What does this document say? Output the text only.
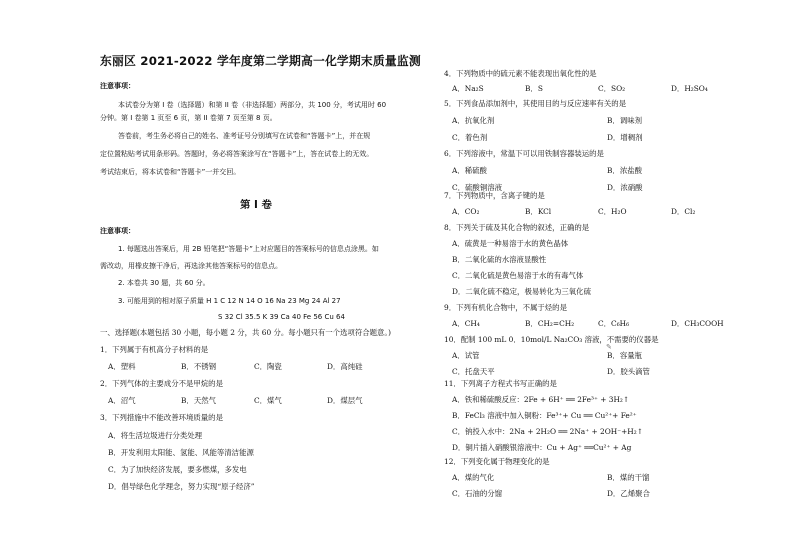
东丽区 2021-2022 学年度第二学期高一化学期末质量监测
注意事项：
本试卷分为第 I 卷（选择题）和第 II 卷（非选择题）两部分，共 100 分，考试用时 60
分钟。第 I 卷第 1 页至 6 页，第 II 卷第 7 页至第 8 页。
答卷前，考生务必将自己的姓名、准考证号分别填写在试卷和“答题卡”上，并在规
定位置粘贴考试用条形码。答题时，务必将答案涂写在“答题卡”上，答在试卷上的无效。
考试结束后，将本试卷和“答题卡”一并交回。
第 I 卷
注意事项：
1. 每题选出答案后，用 2B 铅笔把“答题卡”上对应题目的答案标号的信息点涂黑。如
需改动，用橡皮擦干净后，再选涂其他答案标号的信息点。
2. 本卷共 30 题，共 60 分。
3. 可能用到的相对原子质量 H 1 C 12 N 14 O 16 Na 23 Mg 24 Al 27
S 32 Cl 35.5 K 39 Ca 40 Fe 56 Cu 64
一、选择题(本题包括 30 小题，每小题 2 分，共 60 分。每小题只有一个选项符合题意。)
1．下列属于有机高分子材料的是
A．塑料	B．不锈钢	C．陶瓷	D．高纯硅
2．下列气体的主要成分不是甲烷的是
A．沼气	B．天然气	C．煤气	D．煤层气
3．下列措施中不能改善环境质量的是
A．将生活垃圾进行分类处理
B．开发利用太阳能、氢能、风能等清洁能源
C．为了加快经济发展，要多燃煤，多发电
D．倡导绿色化学理念，努力实现“原子经济”
4．下列物质中的硫元素不能表现出氧化性的是
A．Na₂S	B．S	C．SO₂	D．H₂SO₄
5．下列食品添加剂中，其使用目的与反应速率有关的是
A．抗氧化剂	B．调味剂
C．着色剂	D．增稠剂
6．下列溶液中，常温下可以用铁制容器装运的是
A．稀硫酸	B．浓盐酸
C．硫酸铜溶液	D．浓硝酸
7．下列物质中，含离子键的是
A．CO₂	B．KCl	C．H₂O	D．Cl₂
8．下列关于硫及其化合物的叙述，正确的是
A．硫黄是一种易溶于水的黄色晶体
B．二氧化硫的水溶液显酸性
C．二氧化硫是黄色易溶于水的有毒气体
D．二氧化硫不稳定，极易转化为三氧化硫
9．下列有机化合物中，不属于烃的是
A．CH₄	B．CH₂=CH₂	C．C₆H₆	D．CH₃COOH
10．配制 100 mL 0．10mol/L Na₂CO₃ 溶液，不需要的仪器是
✎
A．试管	B．容量瓶
C．托盘天平	D．胶头滴管
11．下列离子方程式书写正确的是
A．铁和稀硫酸反应：2Fe + 6H⁺ ══ 2Fe³⁺ + 3H₂↑
B．FeCl₃ 溶液中加入铜粉：Fe³⁺+ Cu ══ Cu²⁺+ Fe²⁺
C．钠投入水中：2Na + 2H₂O ══ 2Na⁺ + 2OH⁻+H₂↑
D．铜片插入硝酸银溶液中：Cu + Ag⁺ ══Cu²⁺ + Ag
12．下列变化属于物理变化的是
A．煤的气化	B．煤的干馏
C．石油的分馏	D．乙烯聚合
